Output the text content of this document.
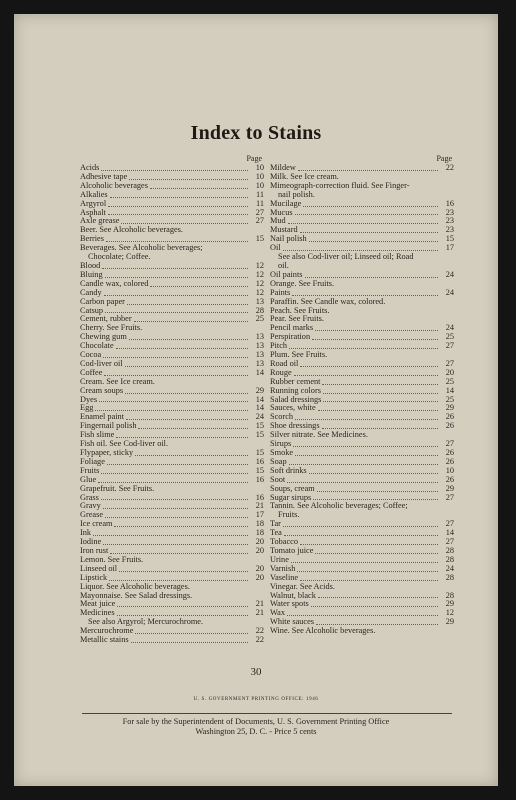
Index to Stains
Page
Acids	10
Adhesive tape	10
Alcoholic beverages	10
Alkalies	11
Argyrol	11
Asphalt	27
Axle grease	27
Beer. See Alcoholic beverages.
Berries	15
Beverages. See Alcoholic beverages;
Chocolate; Coffee.
Blood	12
Bluing	12
Candle wax, colored	12
Candy	12
Carbon paper	13
Catsup	28
Cement, rubber	25
Cherry. See Fruits.
Chewing gum	13
Chocolate	13
Cocoa	13
Cod-liver oil	13
Coffee	14
Cream. See Ice cream.
Cream soups	29
Dyes	14
Egg	14
Enamel paint	24
Fingernail polish	15
Fish slime	15
Fish oil. See Cod-liver oil.
Flypaper, sticky	15
Foliage	16
Fruits	15
Glue	16
Grapefruit. See Fruits.
Grass	16
Gravy	21
Grease	17
Ice cream	18
Ink	18
Iodine	20
Iron rust	20
Lemon. See Fruits.
Linseed oil	20
Lipstick	20
Liquor. See Alcoholic beverages.
Mayonnaise. See Salad dressings.
Meat juice	21
Medicines	21
See also Argyrol; Mercurochrome.
Mercurochrome	22
Metallic stains	22
Page
Mildew	22
Milk. See Ice cream.
Mimeograph-correction fluid. See Finger-
nail polish.
Mucilage	16
Mucus	23
Mud	23
Mustard	23
Nail polish	15
Oil	17
See also Cod-liver oil; Linseed oil; Road
oil.
Oil paints	24
Orange. See Fruits.
Paints	24
Paraffin. See Candle wax, colored.
Peach. See Fruits.
Pear. See Fruits.
Pencil marks	24
Perspiration	25
Pitch	27
Plum. See Fruits.
Road oil	27
Rouge	20
Rubber cement	25
Running colors	14
Salad dressings	25
Sauces, white	29
Scorch	26
Shoe dressings	26
Silver nitrate. See Medicines.
Sirups	27
Smoke	26
Soap	26
Soft drinks	10
Soot	26
Soups, cream	29
Sugar sirups	27
Tannin. See Alcoholic beverages; Coffee;
Fruits.
Tar	27
Tea	14
Tobacco	27
Tomato juice	28
Urine	28
Varnish	24
Vaseline	28
Vinegar. See Acids.
Walnut, black	28
Water spots	29
Wax	12
White sauces	29
Wine. See Alcoholic beverages.
30
U. S. GOVERNMENT PRINTING OFFICE: 1946
For sale by the Superintendent of Documents, U. S. Government Printing Office
Washington 25, D. C. - Price 5 cents
